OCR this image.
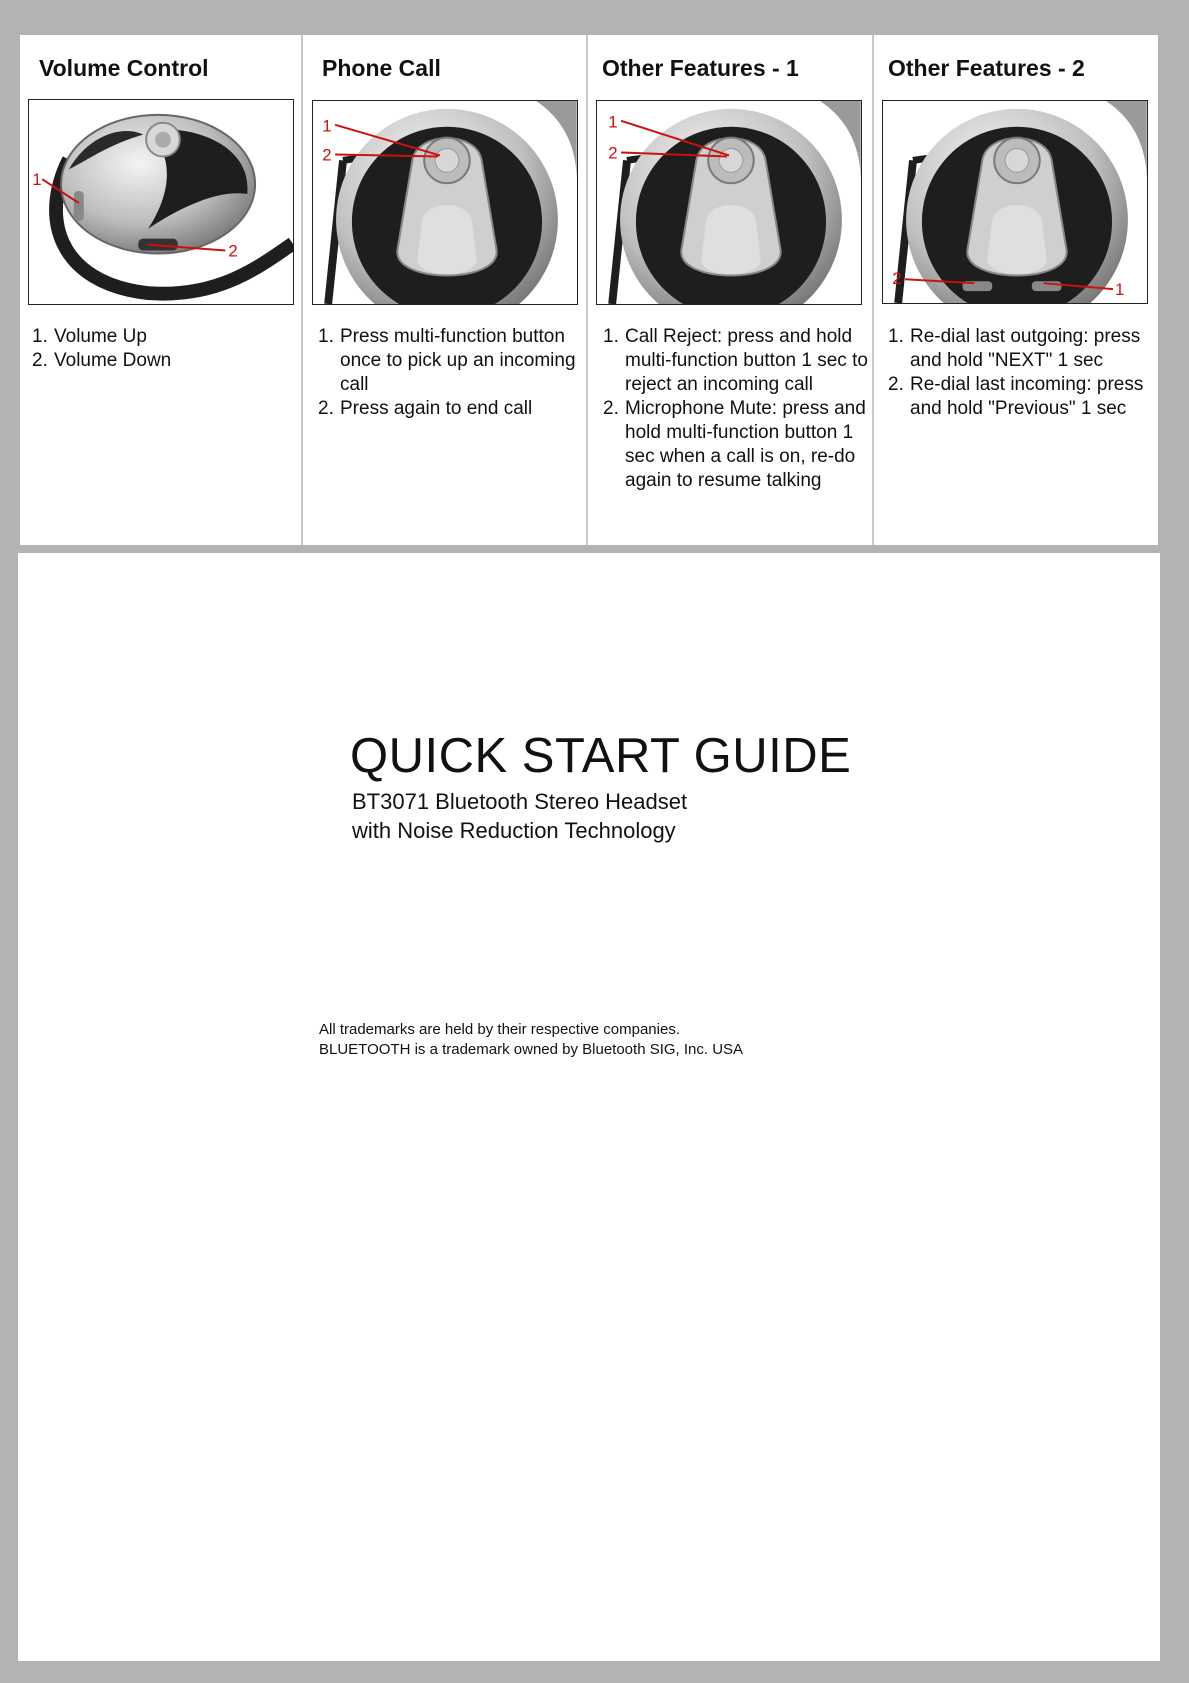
Volume Control
1
2
1. Volume Up
2. Volume Down
Phone Call
1
2
1. Press multi-function button once to pick up an incoming call
2. Press again to end call
Other Features - 1
1
2
1. Call Reject: press and hold multi-function button 1 sec to reject an incoming call
2. Microphone Mute: press and hold multi-function button 1 sec when a call is on, re-do again to resume talking
Other Features - 2
2
1
1. Re-dial last outgoing: press and hold "NEXT" 1 sec
2. Re-dial last incoming: press and hold "Previous" 1 sec
QUICK START GUIDE
BT3071 Bluetooth Stereo Headset
with Noise Reduction Technology
All trademarks are held by their respective companies.
BLUETOOTH is a trademark owned by Bluetooth SIG, Inc. USA
